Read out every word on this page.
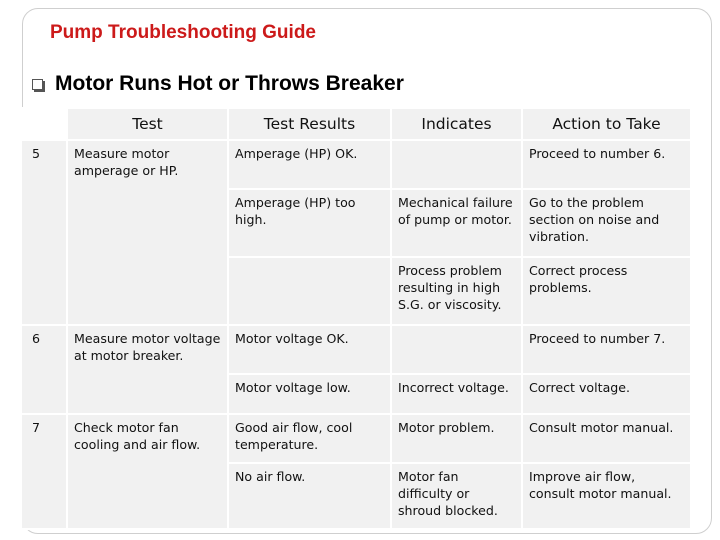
Pump Troubleshooting Guide
Motor Runs Hot or Throws Breaker
	Test	Test Results	Indicates	Action to Take
5	Measure motor amperage or HP.	Amperage (HP) OK.		Proceed to number 6.
		Amperage (HP) too high.	Mechanical failure of pump or motor.	Go to the problem section on noise and vibration.
			Process problem resulting in high S.G. or viscosity.	Correct process problems.
6	Measure motor voltage at motor breaker.	Motor voltage OK.		Proceed to number 7.
		Motor voltage low.	Incorrect voltage.	Correct voltage.
7	Check motor fan cooling and air flow.	Good air flow, cool temperature.	Motor problem.	Consult motor manual.
		No air flow.	Motor fan difficulty or shroud blocked.	Improve air flow, consult motor manual.
